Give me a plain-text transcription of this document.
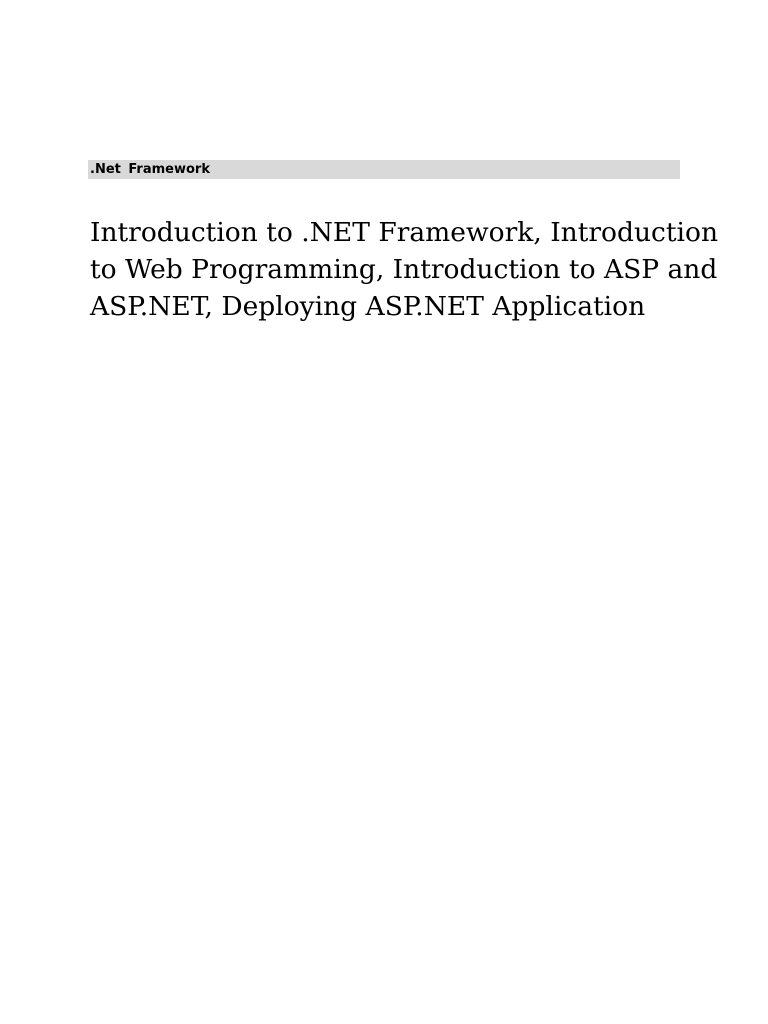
.Net Framework
Introduction to .NET Framework, Introduction
to Web Programming, Introduction to ASP and
ASP.NET, Deploying ASP.NET Application
